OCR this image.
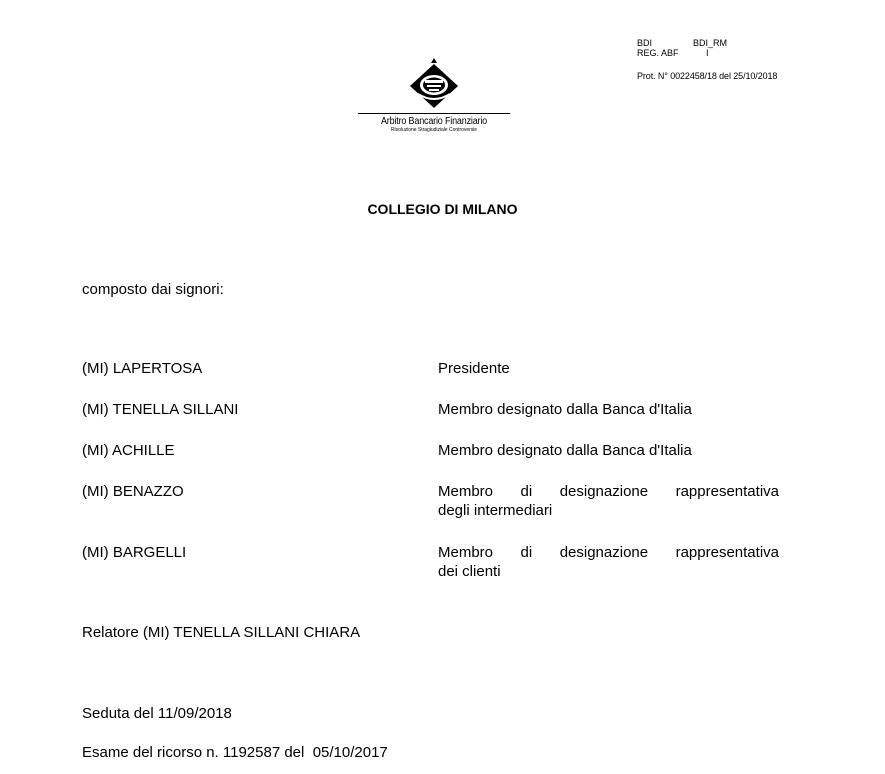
Arbitro Bancario Finanziario
Risoluzione Stragiudiziale Controversie
BDI	BDI_RM
REG. ABF	I
Prot. N° 0022458/18 del 25/10/2018
COLLEGIO DI MILANO
composto dai signori:
(MI) LAPERTOSA	Presidente
(MI) TENELLA SILLANI	Membro designato dalla Banca d'Italia
(MI) ACHILLE	Membro designato dalla Banca d'Italia
(MI) BENAZZO	Membro di designazione rappresentativa
degli intermediari
(MI) BARGELLI	Membro di designazione rappresentativa
dei clienti
Relatore (MI) TENELLA SILLANI CHIARA
Seduta del 11/09/2018
Esame del ricorso n. 1192587 del  05/10/2017
